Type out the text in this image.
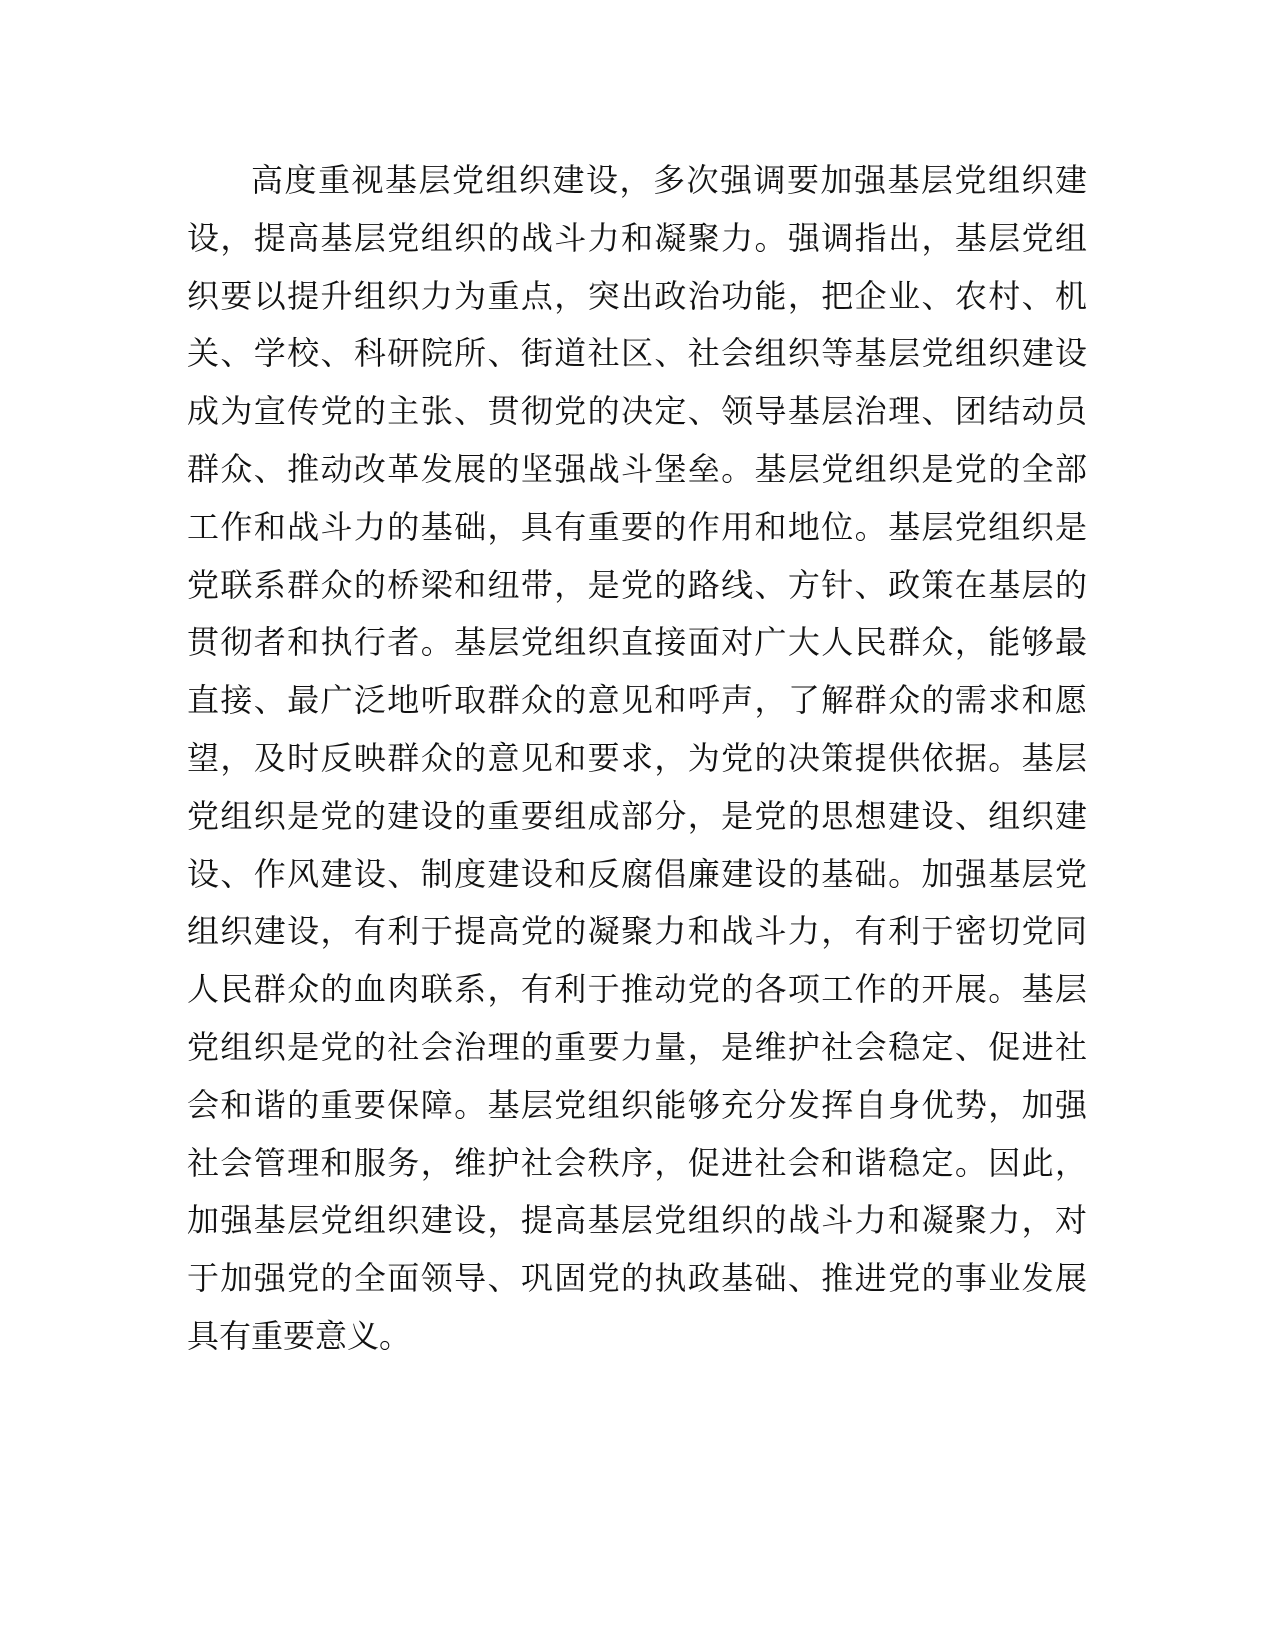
高度重视基层党组织建设，多次强调要加强基层党组织建
设，提高基层党组织的战斗力和凝聚力。强调指出，基层党组
织要以提升组织力为重点，突出政治功能，把企业、农村、机
关、学校、科研院所、街道社区、社会组织等基层党组织建设
成为宣传党的主张、贯彻党的决定、领导基层治理、团结动员
群众、推动改革发展的坚强战斗堡垒。基层党组织是党的全部
工作和战斗力的基础，具有重要的作用和地位。基层党组织是
党联系群众的桥梁和纽带，是党的路线、方针、政策在基层的
贯彻者和执行者。基层党组织直接面对广大人民群众，能够最
直接、最广泛地听取群众的意见和呼声，了解群众的需求和愿
望，及时反映群众的意见和要求，为党的决策提供依据。基层
党组织是党的建设的重要组成部分，是党的思想建设、组织建
设、作风建设、制度建设和反腐倡廉建设的基础。加强基层党
组织建设，有利于提高党的凝聚力和战斗力，有利于密切党同
人民群众的血肉联系，有利于推动党的各项工作的开展。基层
党组织是党的社会治理的重要力量，是维护社会稳定、促进社
会和谐的重要保障。基层党组织能够充分发挥自身优势，加强
社会管理和服务，维护社会秩序，促进社会和谐稳定。因此，
加强基层党组织建设，提高基层党组织的战斗力和凝聚力，对
于加强党的全面领导、巩固党的执政基础、推进党的事业发展
具有重要意义。
